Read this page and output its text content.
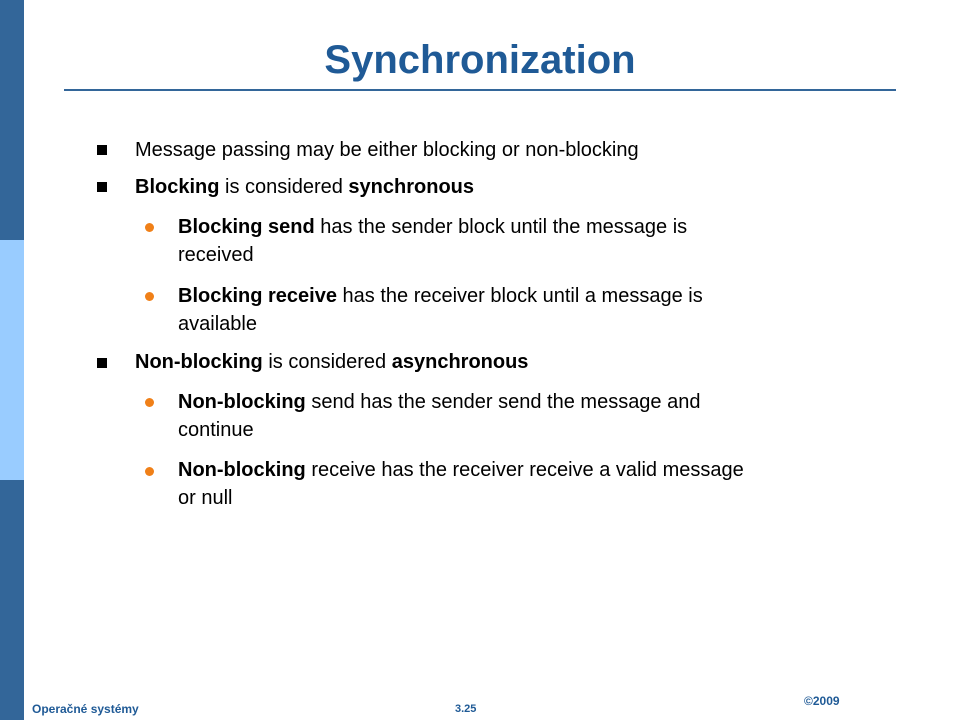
Synchronization
Message passing may be either blocking or non-blocking
Blocking is considered synchronous
Blocking send has the sender block until the message is
received
Blocking receive has the receiver block until a message is
available
Non-blocking is considered asynchronous
Non-blocking send has the sender send the message and
continue
Non-blocking receive has the receiver receive a valid message
or null
Operačné systémy	3.25
©2009
